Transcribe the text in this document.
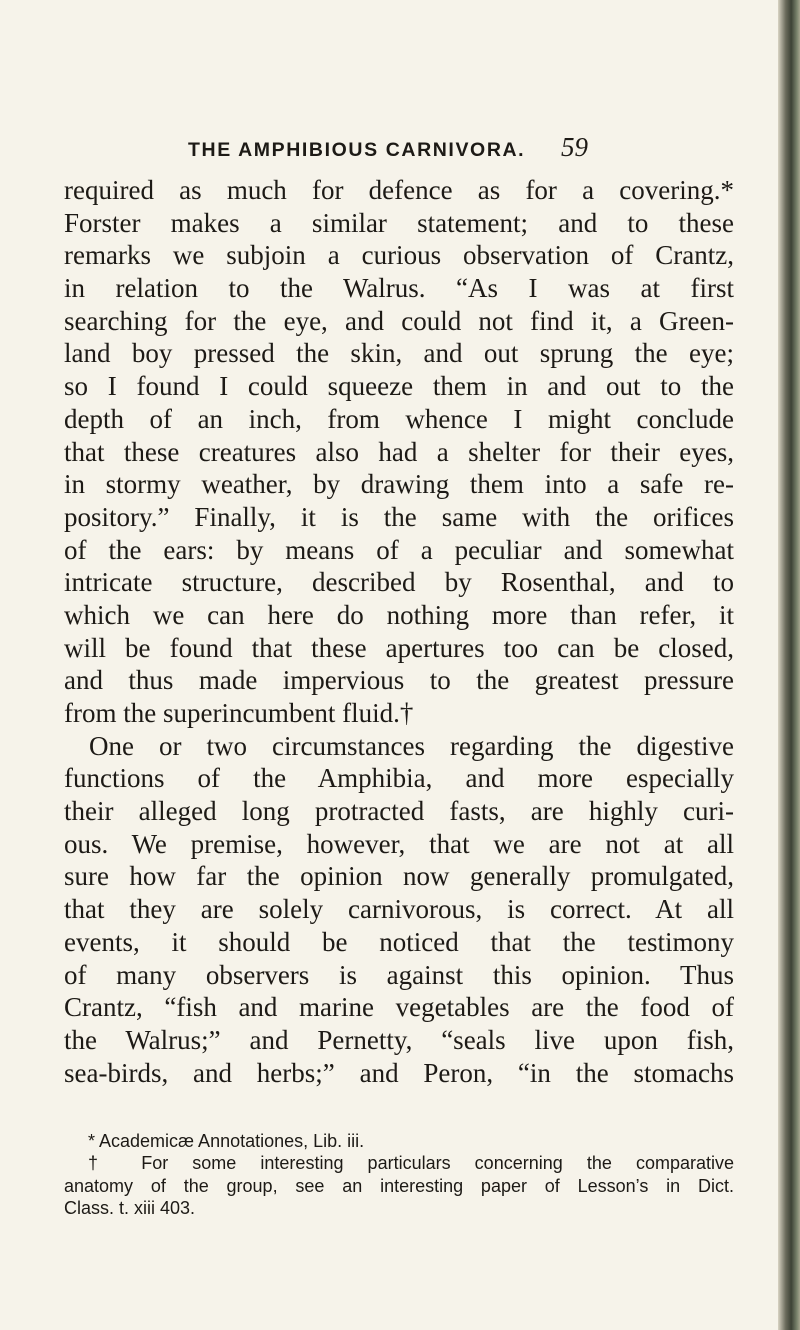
THE AMPHIBIOUS CARNIVORA. 59
required as much for defence as for a covering.*
Forster makes a similar statement; and to these
remarks we subjoin a curious observation of Crantz,
in relation to the Walrus. “As I was at first
searching for the eye, and could not find it, a Green-
land boy pressed the skin, and out sprung the eye;
so I found I could squeeze them in and out to the
depth of an inch, from whence I might conclude
that these creatures also had a shelter for their eyes,
in stormy weather, by drawing them into a safe re-
pository.” Finally, it is the same with the orifices
of the ears: by means of a peculiar and somewhat
intricate structure, described by Rosenthal, and to
which we can here do nothing more than refer, it
will be found that these apertures too can be closed,
and thus made impervious to the greatest pressure
from the superincumbent fluid.†
One or two circumstances regarding the digestive
functions of the Amphibia, and more especially
their alleged long protracted fasts, are highly curi-
ous. We premise, however, that we are not at all
sure how far the opinion now generally promulgated,
that they are solely carnivorous, is correct. At all
events, it should be noticed that the testimony
of many observers is against this opinion. Thus
Crantz, “fish and marine vegetables are the food of
the Walrus;” and Pernetty, “seals live upon fish,
sea-birds, and herbs;” and Peron, “in the stomachs
* Academicæ Annotationes, Lib. iii.
† For some interesting particulars concerning the comparative
anatomy of the group, see an interesting paper of Lesson’s in Dict.
Class. t. xiii 403.
